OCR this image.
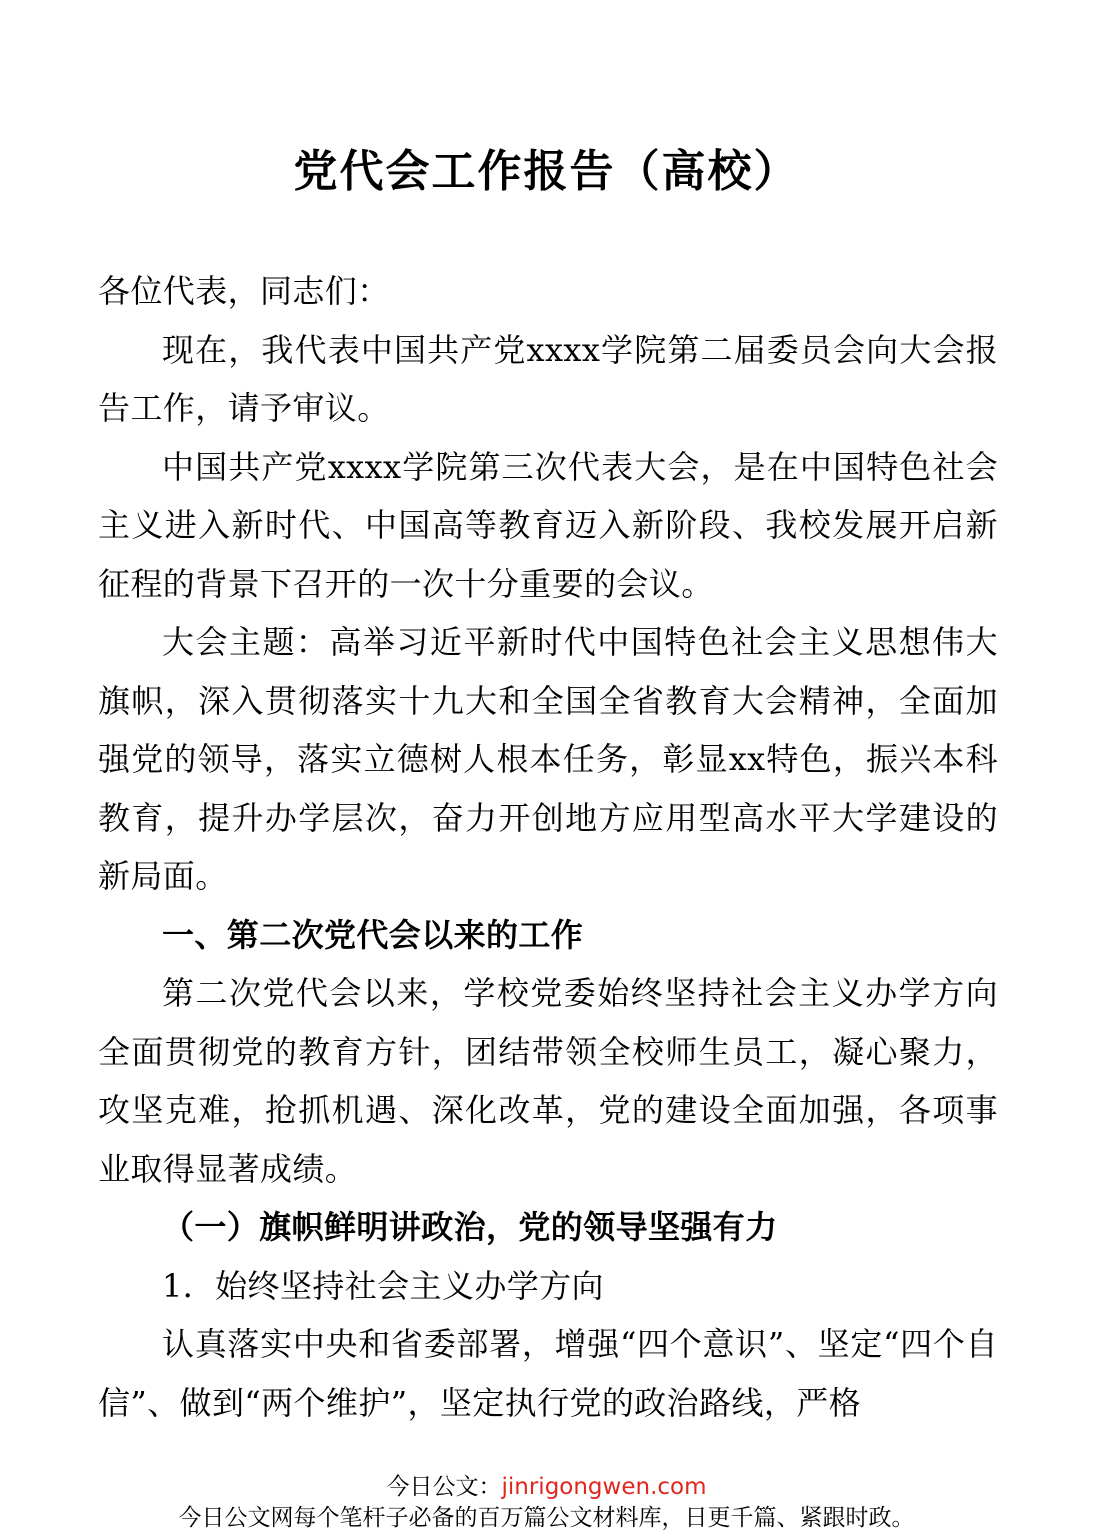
党代会工作报告（高校）

各位代表，同志们：

现在，我代表中国共产党xxxx学院第二届委员会向大会报告工作，请予审议。

中国共产党xxxx学院第三次代表大会，是在中国特色社会主义进入新时代、中国高等教育迈入新阶段、我校发展开启新征程的背景下召开的一次十分重要的会议。

大会主题：高举习近平新时代中国特色社会主义思想伟大旗帜，深入贯彻落实十九大和全国全省教育大会精神，全面加强党的领导，落实立德树人根本任务，彰显xx特色，振兴本科教育，提升办学层次，奋力开创地方应用型高水平大学建设的新局面。

一、第二次党代会以来的工作

第二次党代会以来，学校党委始终坚持社会主义办学方向全面贯彻党的教育方针，团结带领全校师生员工，凝心聚力，攻坚克难，抢抓机遇、深化改革，党的建设全面加强，各项事业取得显著成绩。

（一）旗帜鲜明讲政治，党的领导坚强有力

1．始终坚持社会主义办学方向

认真落实中央和省委部署，增强“四个意识”、坚定“四个自信”、做到“两个维护”，坚定执行党的政治路线，严格

今日公文：jinrigongwen.com
今日公文网每个笔杆子必备的百万篇公文材料库，日更千篇、紧跟时政。
